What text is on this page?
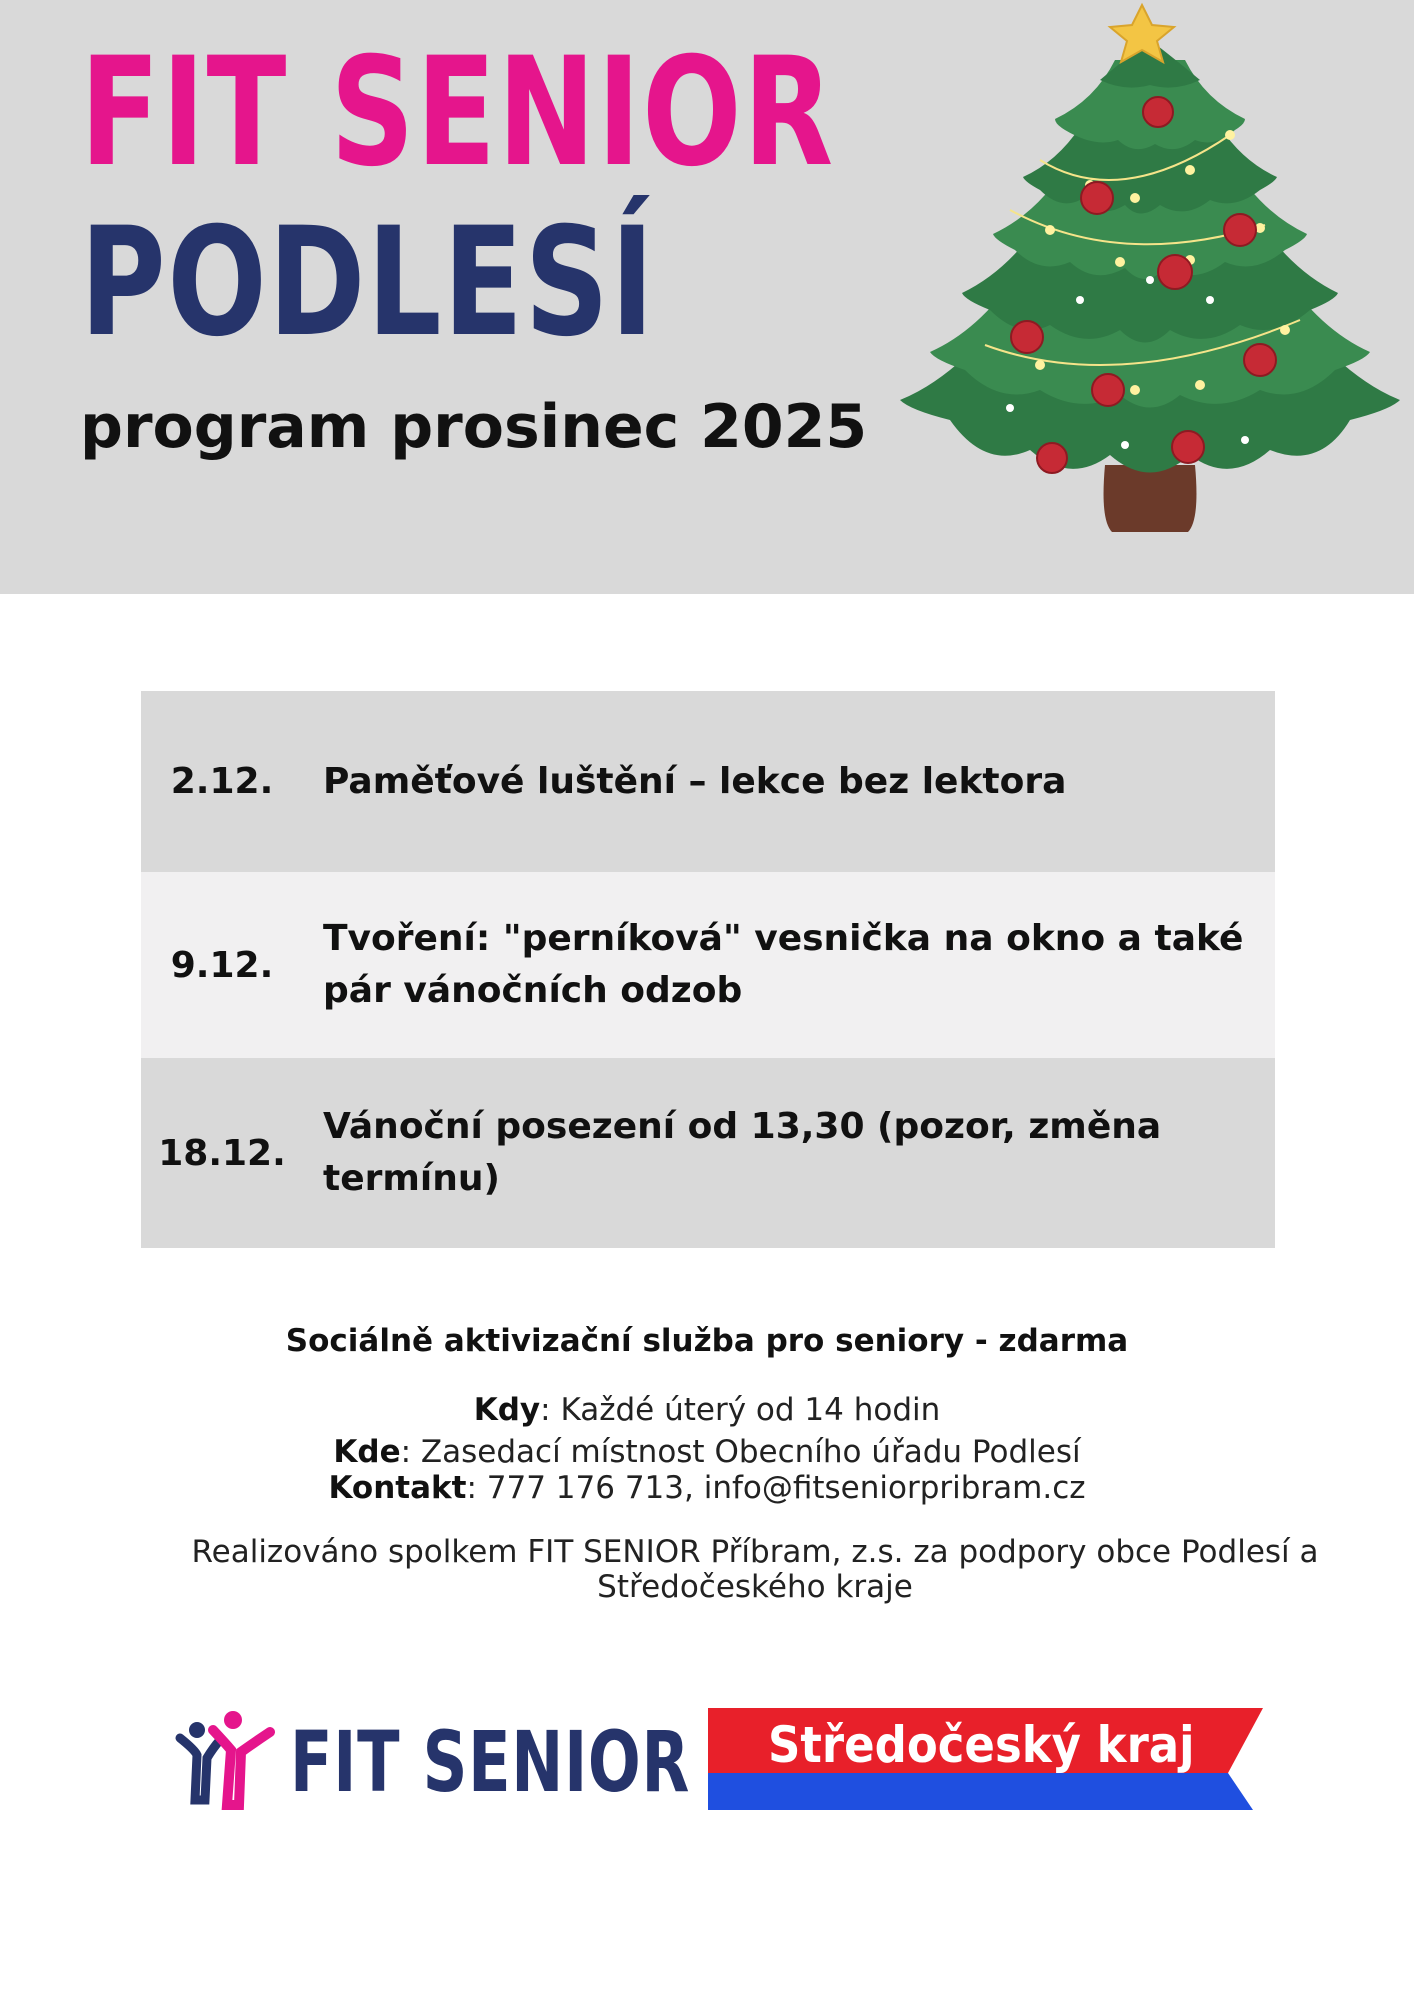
FIT SENIOR
PODLESÍ
program prosinec 2025
2.12.	Paměťové luštění – lekce bez lektora
9.12.
Tvoření: "perníková" vesnička na okno a také pár vánočních odzob
18.12.
Vánoční posezení od 13,30 (pozor, změna termínu)
Sociálně aktivizační služba pro seniory - zdarma
Kdy: Každé úterý od 14 hodin
Kde: Zasedací místnost Obecního úřadu Podlesí
Kontakt: 777 176 713, info@fitseniorpribram.cz
Realizováno spolkem FIT SENIOR Příbram, z.s. za podpory obce Podlesí a Středočeského kraje
FIT SENIOR Středočeský kraj
